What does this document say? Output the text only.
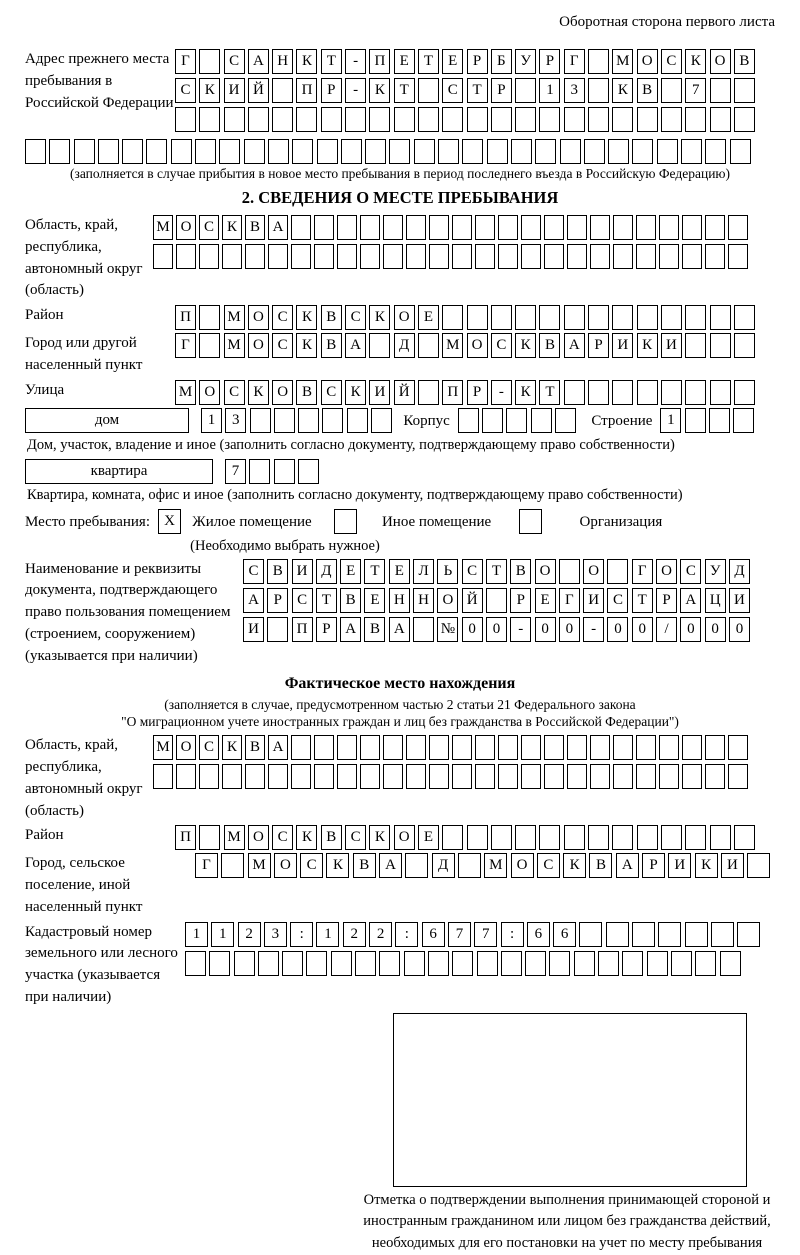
Оборотная сторона первого листа
Адрес прежнего места пребывания в Российской Федерации
Г	С А Н К Т	-	П Е	Т	Е	Р	Б У Р	Г	М О С К О В
С К И Й	П Р	-	К Т	С Т	Р	1	3	К В	7
(заполняется в случае прибытия в новое место пребывания в период последнего въезда в Российскую Федерацию)
2. СВЕДЕНИЯ О МЕСТЕ ПРЕБЫВАНИЯ
Область, край, республика, автономный округ (область)
М О С К В А
Район	П	М О С К В С К О Е
Город или другой населенный пункт
Г	М О С К В А	Д	М О С К В А Р И К И
Улица	М О С К О В С К И Й	П Р	-	К Т
дом	1	3	Корпус	Строение 1
Дом, участок, владение и иное (заполнить согласно документу, подтверждающему право собственности)
квартира	7
Квартира, комната, офис и иное (заполнить согласно документу, подтверждающему право собственности)
Место пребывания: X	Жилое помещение	Иное помещение	Организация
(Необходимо выбрать нужное)
Наименование и реквизиты документа, подтверждающего право пользования помещением (строением, сооружением) (указывается при наличии)
С В И Д Е	Т	Е Л Ь С Т В О	О	Г О С У Д
А Р	С Т В Е Н Н О Й	Р	Е	Г И С Т	Р А Ц И
И	П Р А В А	№ 0	0	-	0	0	-	0	0	/	0	0	0
Фактическое место нахождения
(заполняется в случае, предусмотренном частью 2 статьи 21 Федерального закона
"О миграционном учете иностранных граждан и лиц без гражданства в Российской Федерации")
Область, край, республика, автономный округ (область)
М О С К В А
Район	П	М О С К В С К О Е
Город, сельское поселение, иной населенный пункт
Г	М О	С	К	В	А	Д	М О	С	К	В	А	Р	И	К	И
Кадастровый номер земельного или лесного участка (указывается при наличии)
1	1	2	3	:	1	2	2	:	6	7	7	:	6	6
Отметка о подтверждении выполнения принимающей стороной и иностранным гражданином или лицом без гражданства действий, необходимых для его постановки на учет по месту пребывания
